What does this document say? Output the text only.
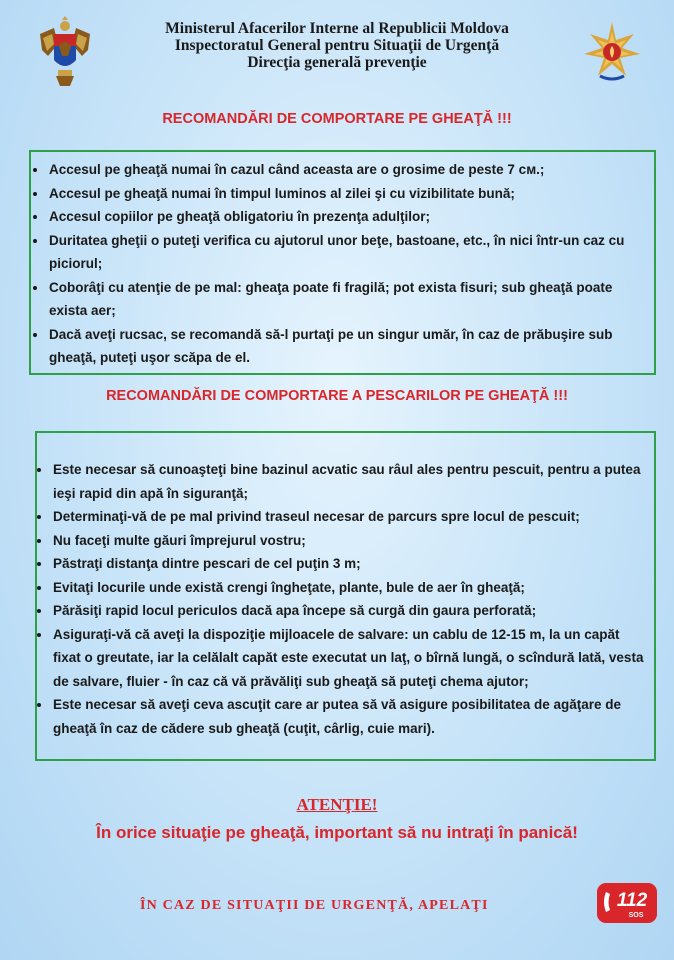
Ministerul Afacerilor Interne al Republicii Moldova
Inspectoratul General pentru Situaţii de Urgenţă
Direcţia generală prevenţie
RECOMANDĂRI DE COMPORTARE PE GHEAŢĂ !!!
Accesul pe gheaţă numai în cazul când aceasta are o grosime de peste 7 см.;
Accesul pe gheaţă numai în timpul luminos al zilei şi cu vizibilitate bună;
Accesul copiilor pe gheaţă obligatoriu în prezenţa adulţilor;
Duritatea gheţii o puteţi verifica cu ajutorul unor beţe, bastoane, etc., în nici într-un caz cu piciorul;
Coborâţi cu atenţie de pe mal: gheaţa poate fi fragilă; pot exista fisuri; sub gheaţă poate exista aer;
Dacă aveţi rucsac, se recomandă să-l purtaţi pe un singur umăr, în caz de prăbuşire sub gheaţă, puteţi uşor scăpa de el.
RECOMANDĂRI DE COMPORTARE A PESCARILOR PE GHEAŢĂ !!!
Este necesar să cunoaşteţi bine bazinul acvatic sau râul ales pentru pescuit, pentru a putea ieşi rapid din apă în siguranţă;
Determinaţi-vă de pe mal privind traseul necesar de parcurs spre locul de pescuit;
Nu faceţi multe găuri împrejurul vostru;
Păstraţi distanţa dintre pescari de cel puţin 3 m;
Evitaţi locurile unde există crengi îngheţate, plante, bule de aer în gheaţă;
Părăsiţi rapid locul periculos dacă apa începe să curgă din gaura perforată;
Asiguraţi-vă că aveţi la dispoziţie mijloacele de salvare: un cablu de 12-15 m, la un capăt fixat o greutate, iar la celălalt capăt este executat un laţ, o bîrnă lungă, o scîndură lată, vesta de salvare, fluier - în caz că vă prăvăliţi sub gheaţă să puteţi chema ajutor;
Este necesar să aveţi ceva ascuţit care ar putea să vă asigure posibilitatea de agăţare de gheaţă în caz de cădere sub gheaţă (cuţit, cârlig, cuie mari).
ATENŢIE!
În orice situaţie pe gheaţă, important să nu intraţi în panică!
ÎN CAZ DE SITUAŢII DE URGENŢĂ, APELAŢI	112
SOS
